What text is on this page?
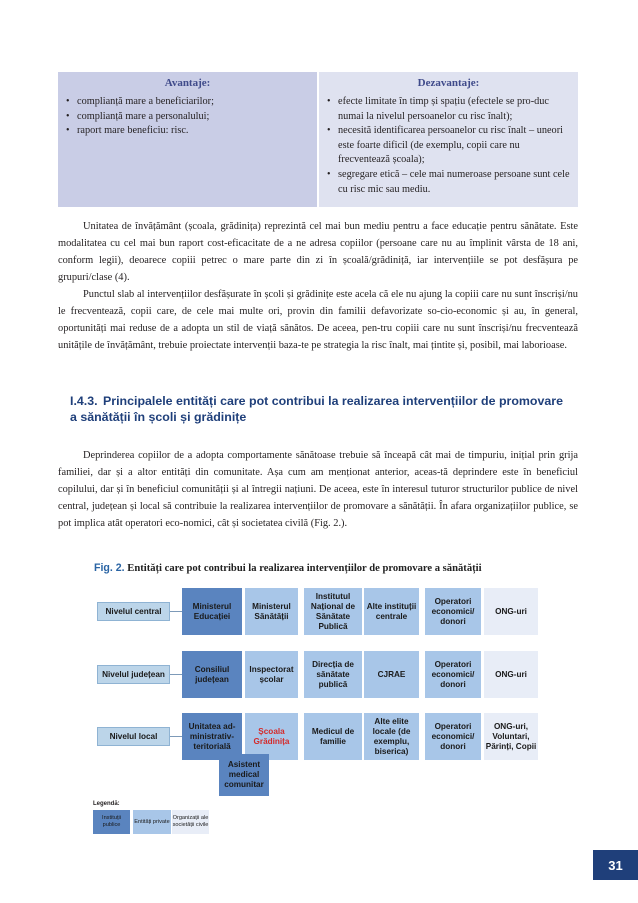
Avantaje:
• complianță mare a beneficiarilor;
• complianță mare a personalului;
• raport mare beneficiu: risc.
Dezavantaje:
• efecte limitate în timp și spațiu (efectele se pro-duc numai la nivelul persoanelor cu risc înalt);
• necesită identificarea persoanelor cu risc înalt – uneori este foarte dificil (de exemplu, copii care nu frecventează școala);
• segregare etică – cele mai numeroase persoane sunt cele cu risc mic sau mediu.

Unitatea de învățământ (școala, grădinița) reprezintă cel mai bun mediu pentru a face educație pentru sănătate. Este modalitatea cu cel mai bun raport cost-eficacitate de a ne adresa copiilor (persoane care nu au împlinit vârsta de 18 ani, conform legii), deoarece copiii petrec o mare parte din zi în școală/grădiniță, iar intervențiile se pot desfășura pe grupuri/clase (4).

Punctul slab al intervențiilor desfășurate în școli și grădinițe este acela că ele nu ajung la copiii care nu sunt înscriși/nu le frecventează, copii care, de cele mai multe ori, provin din familii defavorizate so-cio-economic și au, în general, oportunități mai reduse de a adopta un stil de viață sănătos. De aceea, pen-tru copiii care nu sunt înscriși/nu frecventează unitățile de învățământ, trebuie proiectate intervenții baza-te pe strategia la risc înalt, mai țintite și, posibil, mai laborioase.

I.4.3. Principalele entități care pot contribui la realizarea intervențiilor de promovare a sănătății în școli și grădinițe

Deprinderea copiilor de a adopta comportamente sănătoase trebuie să înceapă cât mai de timpuriu, inițial prin grija familiei, dar și a altor entități din comunitate. Așa cum am menționat anterior, aceas-tă deprindere este în beneficiul copilului, dar și în beneficiul comunității și al întregii națiuni. De aceea, este în interesul tuturor structurilor publice de nivel central, județean și local să contribuie la realizarea intervențiilor de promovare a sănătății. În afara organizațiilor publice, se pot implica atât operatori eco-nomici, cât și societatea civilă (Fig. 2.).

Fig. 2. Entități care pot contribui la realizarea intervențiilor de promovare a sănătății
Nivelul central
Nivelul județean
Nivelul local
Ministerul Educației
Ministerul Sănătății
Institutul Național de Sănătate Publică
Alte instituții centrale
Operatori economici/ donori
ONG-uri
Consiliul județean
Inspectorat școlar
Direcția de sănătate publică
CJRAE
Operatori economici/ donori
ONG-uri
Unitatea ad-ministrativ-teritorială
Școala Grădinița
Medicul de familie
Alte elite locale (de exemplu, biserica)
Operatori economici/ donori
ONG-uri, Voluntari, Părinți, Copii
Asistent medical comunitar
Legendă:
Instituții publice
Entități private
Organizații ale societății civile
31
